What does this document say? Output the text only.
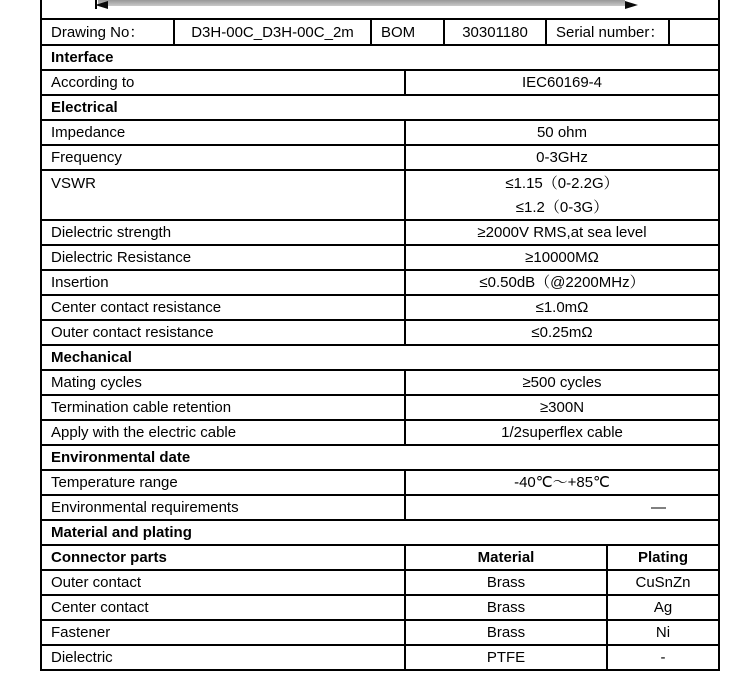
Drawing No：	D3H-00C_D3H-00C_2m	BOM	30301180	Serial number：
Interface
According to	IEC60169-4
Electrical
Impedance	50 ohm
Frequency	0-3GHz
VSWR	≤1.15（0-2.2G）
≤1.2（0-3G）
Dielectric strength	≥2000V RMS,at sea level
Dielectric Resistance	≥10000MΩ
Insertion	≤0.50dB（@2200MHz）
Center contact resistance	≤1.0mΩ
Outer contact resistance	≤0.25mΩ
Mechanical
Mating cycles	≥500 cycles
Termination cable retention	≥300N
Apply with the electric cable	1/2superflex cable
Environmental date
Temperature range	-40℃～+85℃
Environmental requirements	—
Material and plating
Connector parts	Material	Plating
Outer contact	Brass	CuSnZn
Center contact	Brass	Ag
Fastener	Brass	Ni
Dielectric	PTFE	-
